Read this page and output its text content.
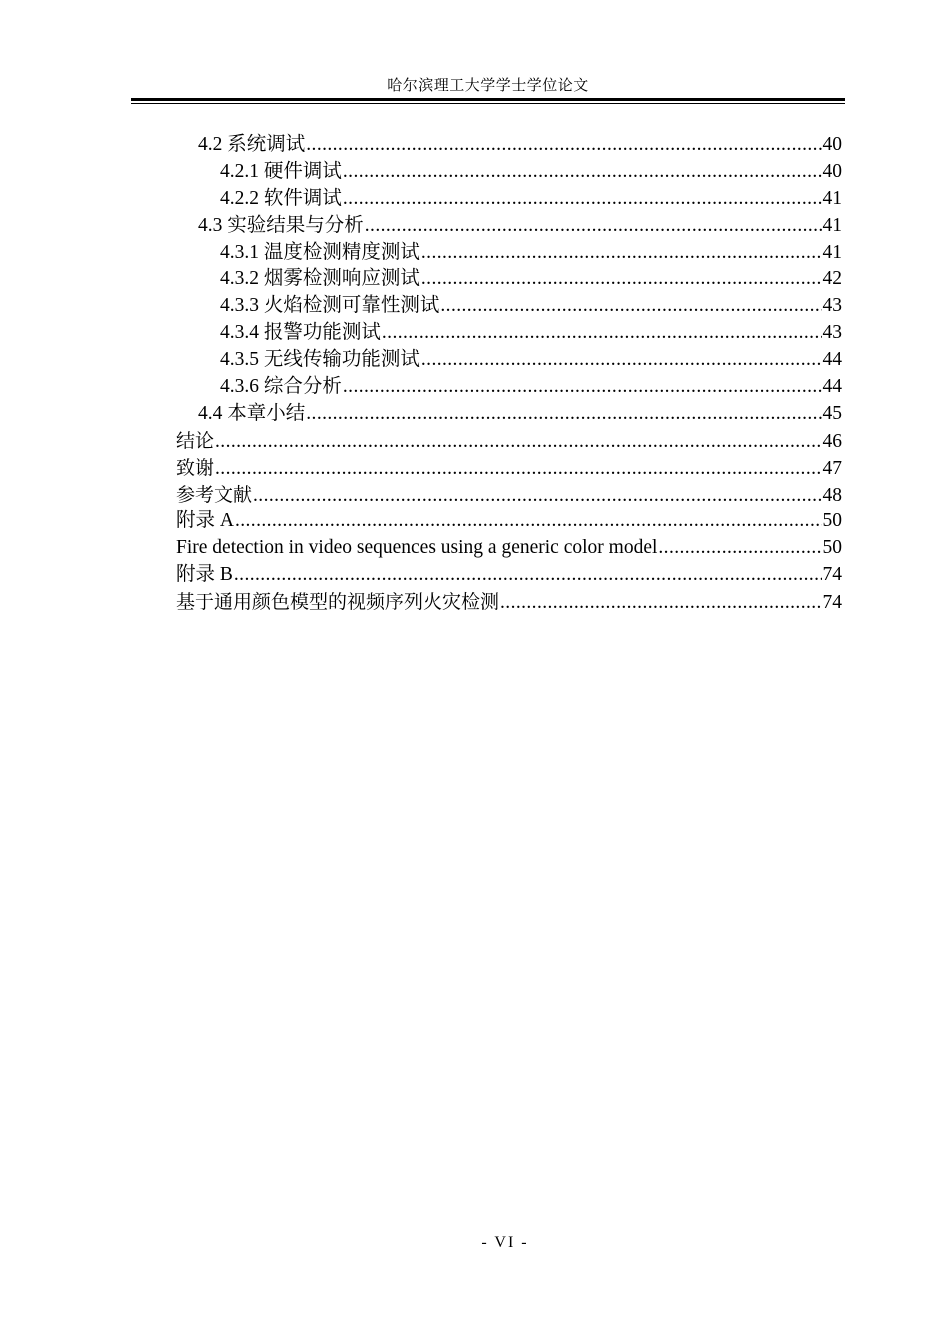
哈尔滨理工大学学士学位论文
4.2 系统调试 .....	40
4.2.1 硬件调试 .....	40
4.2.2 软件调试 .....	41
4.3 实验结果与分析 .....	41
4.3.1 温度检测精度测试 .....	41
4.3.2 烟雾检测响应测试 .....	42
4.3.3 火焰检测可靠性测试 .....	43
4.3.4 报警功能测试 .....	43
4.3.5 无线传输功能测试 .....	44
4.3.6 综合分析 .....	44
4.4 本章小结 .....	45
结论 .....	46
致谢 .....	47
参考文献 .....	48
附录 A .....	50
Fire detection in video sequences using a generic color model .....	50
附录 B .....	74
基于通用颜色模型的视频序列火灾检测 .....	74
- VI -
